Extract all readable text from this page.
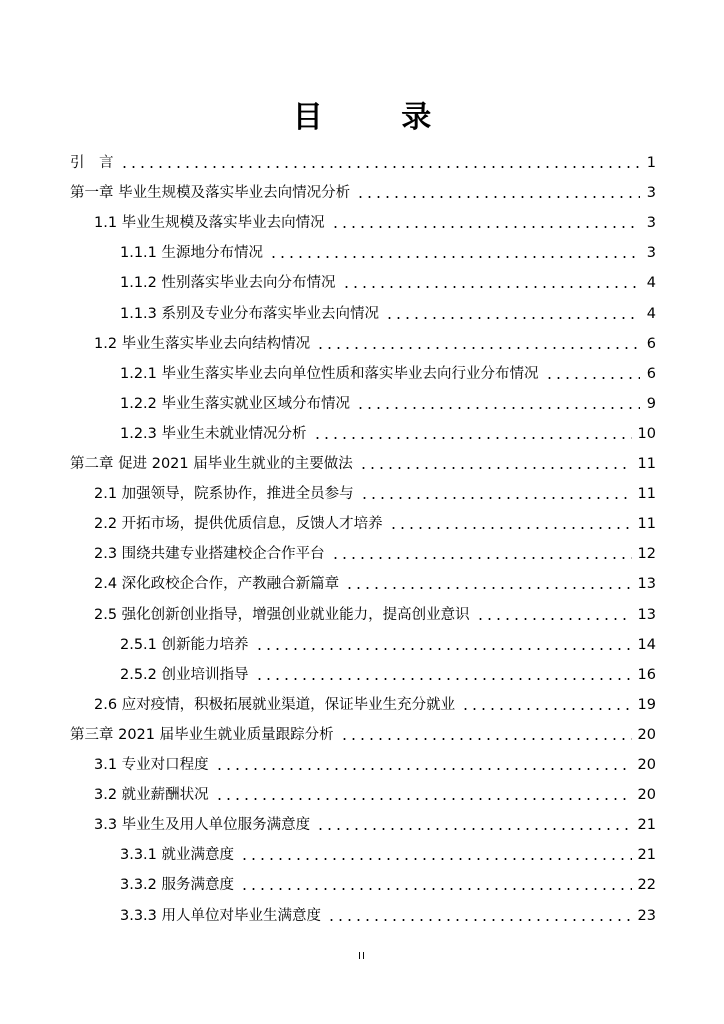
目 录
引　言	1
第一章 毕业生规模及落实毕业去向情况分析	3
1.1 毕业生规模及落实毕业去向情况	3
1.1.1 生源地分布情况	3
1.1.2 性别落实毕业去向分布情况	4
1.1.3 系别及专业分布落实毕业去向情况	4
1.2 毕业生落实毕业去向结构情况	6
1.2.1 毕业生落实毕业去向单位性质和落实毕业去向行业分布情况	6
1.2.2 毕业生落实就业区域分布情况	9
1.2.3 毕业生未就业情况分析	10
第二章 促进 2021 届毕业生就业的主要做法	11
2.1 加强领导，院系协作，推进全员参与	11
2.2 开拓市场，提供优质信息，反馈人才培养	11
2.3 围绕共建专业搭建校企合作平台	12
2.4 深化政校企合作，产教融合新篇章	13
2.5 强化创新创业指导，增强创业就业能力，提高创业意识	13
2.5.1 创新能力培养	14
2.5.2 创业培训指导	16
2.6 应对疫情，积极拓展就业渠道，保证毕业生充分就业	19
第三章 2021 届毕业生就业质量跟踪分析	20
3.1 专业对口程度	20
3.2 就业薪酬状况	20
3.3 毕业生及用人单位服务满意度	21
3.3.1 就业满意度	21
3.3.2 服务满意度	22
3.3.3 用人单位对毕业生满意度	23
II
